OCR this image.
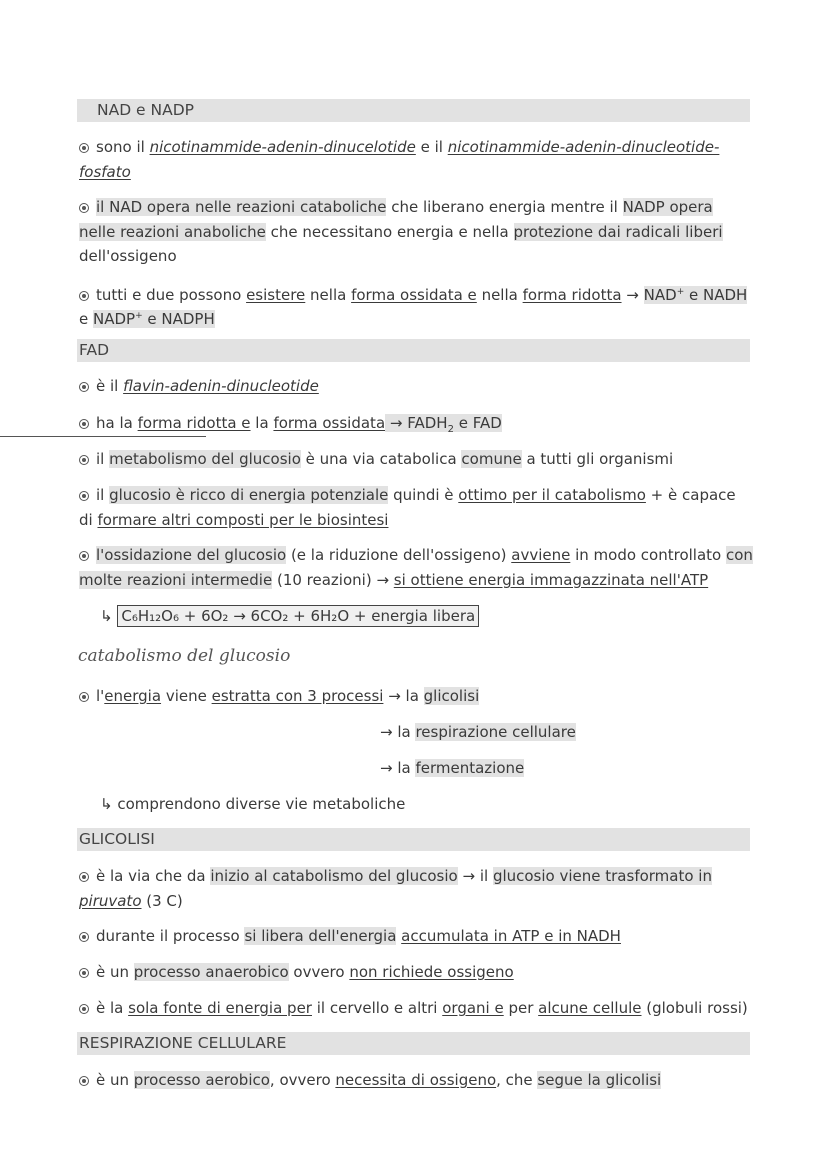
NAD e NADP
sono il nicotinammide-adenin-dinucelotide e il nicotinammide-adenin-dinucleotide-
fosfato
il NAD opera nelle reazioni cataboliche che liberano energia mentre il NADP opera
nelle reazioni anaboliche che necessitano energia e nella protezione dai radicali liberi
dell'ossigeno
tutti e due possono esistere nella forma ossidata e nella forma ridotta → NAD+ e NADH
e NADP+ e NADPH
FAD
è il flavin-adenin-dinucleotide
ha la forma ridotta e la forma ossidata → $FADH_2$ e FAD
il metabolismo del glucosio è una via catabolica comune a tutti gli organismi
il glucosio è ricco di energia potenziale quindi è ottimo per il catabolismo + è capace
di formare altri composti per le biosintesi
l'ossidazione del glucosio (e la riduzione dell'ossigeno) avviene in modo controllato con
molte reazioni intermedie (10 reazioni) → si ottiene energia immagazzinata nell'ATP
↳ C₆H₁₂O₆ + 6O₂ → 6CO₂ + 6H₂O + energia libera
catabolismo del glucosio
l'energia viene estratta con 3 processi → la glicolisi
→ la respirazione cellulare
→ la fermentazione
↳ comprendono diverse vie metaboliche
GLICOLISI
è la via che da inizio al catabolismo del glucosio → il glucosio viene trasformato in
piruvato (3 C)
durante il processo si libera dell'energia accumulata in ATP e in NADH
è un processo anaerobico ovvero non richiede ossigeno
è la sola fonte di energia per il cervello e altri organi e per alcune cellule (globuli rossi)
RESPIRAZIONE CELLULARE
è un processo aerobico, ovvero necessita di ossigeno, che segue la glicolisi
